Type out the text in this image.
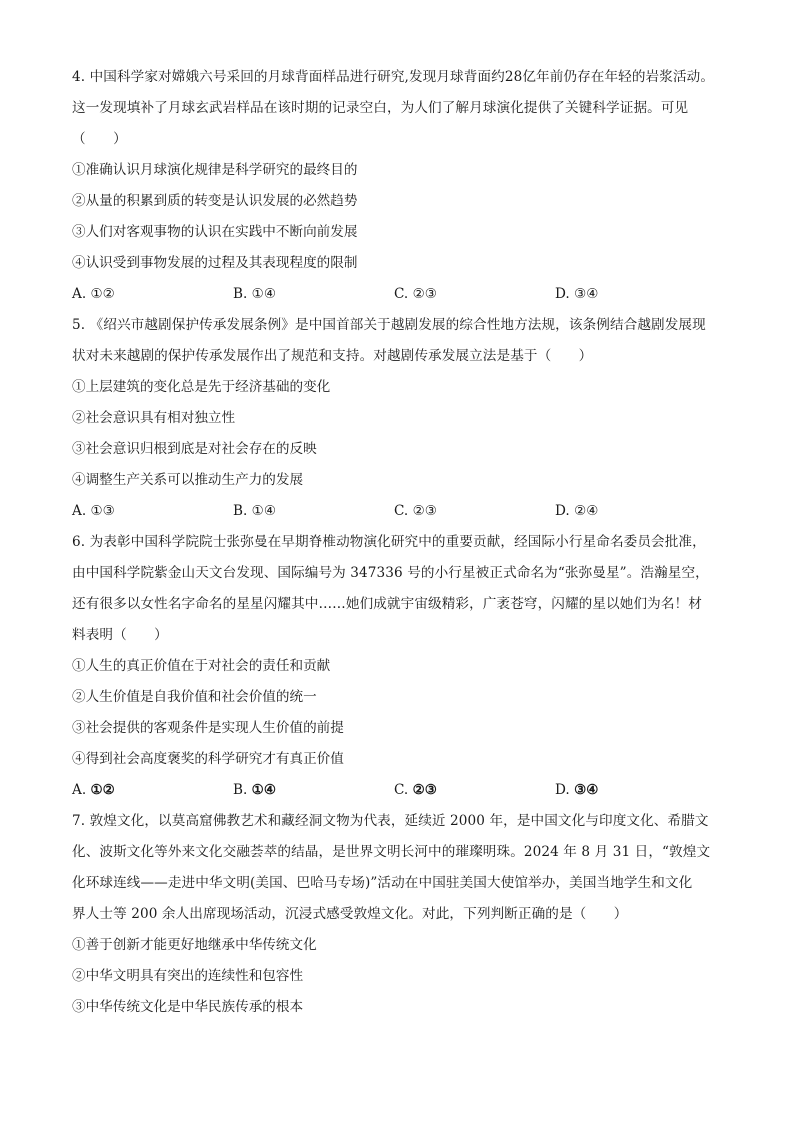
4. 中国科学家对嫦娥六号采回的月球背面样品进行研究,发现月球背面约28亿年前仍存在年轻的岩浆活动。
这一发现填补了月球玄武岩样品在该时期的记录空白，为人们了解月球演化提供了关键科学证据。可见
（　　）
①准确认识月球演化规律是科学研究的最终目的
②从量的积累到质的转变是认识发展的必然趋势
③人们对客观事物的认识在实践中不断向前发展
④认识受到事物发展的过程及其表现程度的限制
A. ①②	B. ①④	C. ②③	D. ③④
5. 《绍兴市越剧保护传承发展条例》是中国首部关于越剧发展的综合性地方法规，该条例结合越剧发展现
状对未来越剧的保护传承发展作出了规范和支持。对越剧传承发展立法是基于（　　）
①上层建筑的变化总是先于经济基础的变化
②社会意识具有相对独立性
③社会意识归根到底是对社会存在的反映
④调整生产关系可以推动生产力的发展
A. ①③	B. ①④	C. ②③	D. ②④
6. 为表彰中国科学院院士张弥曼在早期脊椎动物演化研究中的重要贡献，经国际小行星命名委员会批准，
由中国科学院紫金山天文台发现、国际编号为 347336 号的小行星被正式命名为“张弥曼星”。浩瀚星空，
还有很多以女性名字命名的星星闪耀其中……她们成就宇宙级精彩，广袤苍穹，闪耀的星以她们为名！材
料表明（　　）
①人生的真正价值在于对社会的责任和贡献
②人生价值是自我价值和社会价值的统一
③社会提供的客观条件是实现人生价值的前提
④得到社会高度褒奖的科学研究才有真正价值
A. ①②	B. ①④	C. ②③	D. ③④
7. 敦煌文化，以莫高窟佛教艺术和藏经洞文物为代表，延续近 2000 年，是中国文化与印度文化、希腊文
化、波斯文化等外来文化交融荟萃的结晶，是世界文明长河中的璀璨明珠。2024 年 8 月 31 日，“敦煌文
化环球连线——走进中华文明(美国、巴哈马专场)”活动在中国驻美国大使馆举办，美国当地学生和文化
界人士等 200 余人出席现场活动，沉浸式感受敦煌文化。对此，下列判断正确的是（　　）
①善于创新才能更好地继承中华传统文化
②中华文明具有突出的连续性和包容性
③中华传统文化是中华民族传承的根本
